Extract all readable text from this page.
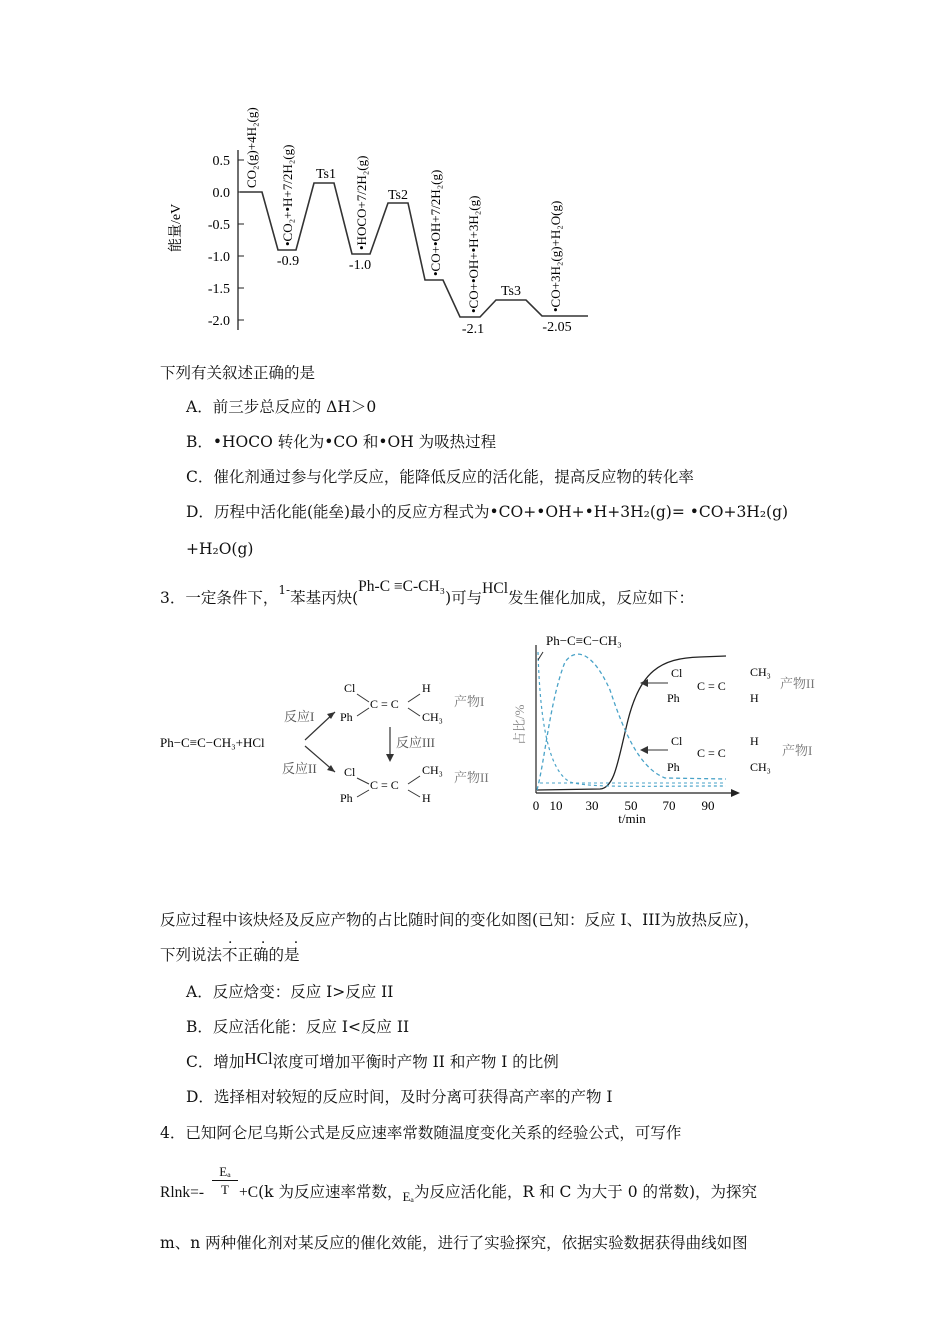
能量/eV
0.5
0.0
-0.5
-1.0
-1.5
-2.0
Ts1
Ts2
Ts3
-0.9	-1.0
-2.1	-2.05
CO₂(g)+4H₂(g) •CO₂+•H+7/2H₂(g)	•HOCO+7/2H₂(g)	•CO+•OH+7/2H₂(g) •CO+•OH+•H+3H₂(g)	•CO+3H₂(g)+H₂O(g)
下列有关叙述正确的是
A．前三步总反应的 ΔH＞0
B．•HOCO 转化为•CO 和•OH 为吸热过程
C．催化剂通过参与化学反应，能降低反应的活化能，提高反应物的转化率
D．历程中活化能(能垒)最小的反应方程式为•CO+•OH+•H+3H₂(g)= •CO+3H₂(g)
+H₂O(g)
3．一定条件下，$^{1-}$苯基丙炔(Ph-C ≡C-CH₃)可与HCl发生催化加成，反应如下：
Ph−C≡C−CH₃+HCl
反应I
反应II
Cl
Ph
C = C
H
CH₃
产物I
反应III
Cl
Ph
C = C
CH₃
H
产物II
占比/%
0 10 30 50 70 90
t/min
Ph−C≡C−CH₃
Cl
Ph
C = C
CH₃
H
产物II
Cl
Ph
C = C
H
CH₃
产物I
反应过程中该炔烃及反应产物的占比随时间的变化如图(已知：反应 I、III为放热反应)，
下列说法不正确的是
· · ·
A．反应焓变：反应 I>反应 II
B．反应活化能：反应 I<反应 II
C．增加HCl浓度可增加平衡时产物 II 和产物 I 的比例
D．选择相对较短的反应时间，及时分离可获得高产率的产物 I
4．已知阿仑尼乌斯公式是反应速率常数随温度变化关系的经验公式，可写作
$Rlnk=- \frac{\text{Eₐ}}{T} +C(k$ 为反应速率常数，$_{E_a}$为反应活化能，R 和 C 为大于 0 的常数)，为探究
m、n 两种催化剂对某反应的催化效能，进行了实验探究，依据实验数据获得曲线如图
